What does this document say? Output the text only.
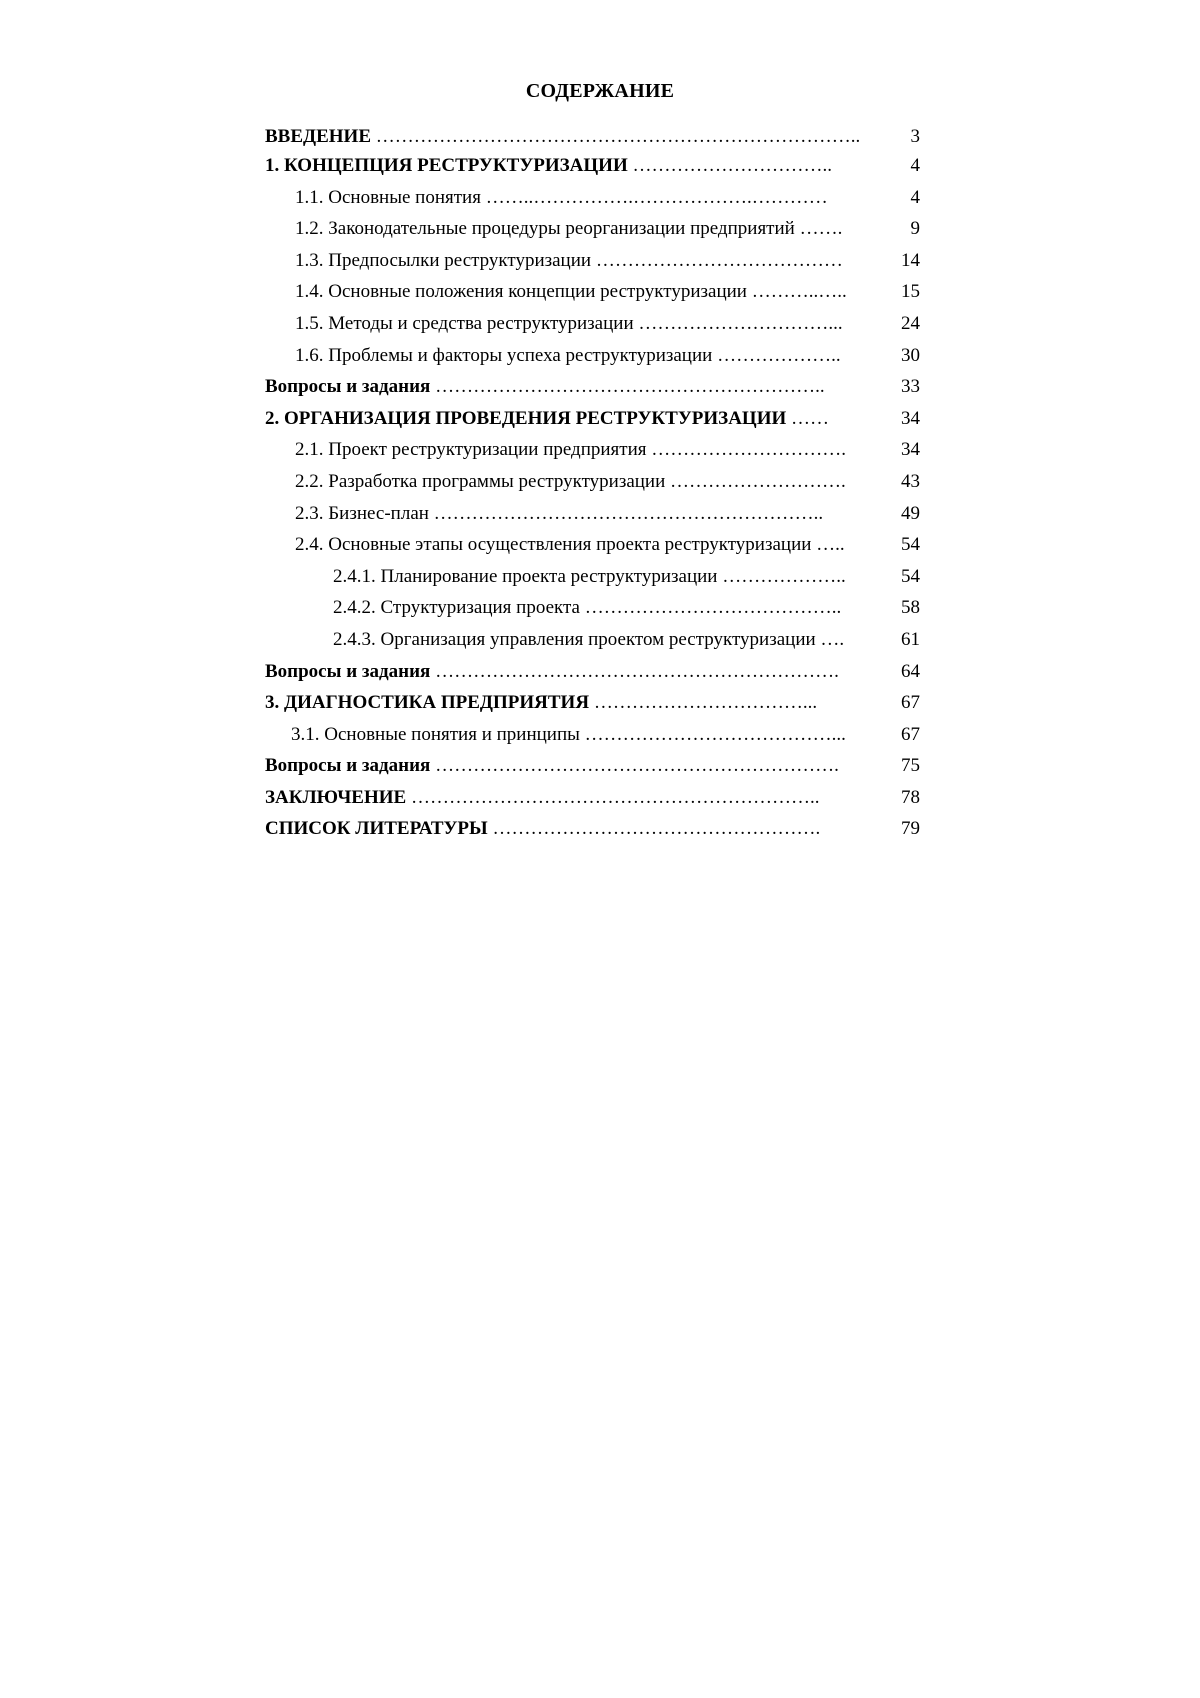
СОДЕРЖАНИЕ
ВВЕДЕНИЕ …………………………………………………………………..	3
1. КОНЦЕПЦИЯ РЕСТРУКТУРИЗАЦИИ …………………………..	4
1.1. Основные понятия ……..…………….……………….…………	4
1.2. Законодательные процедуры реорганизации предприятий …….	9
1.3. Предпосылки реструктуризации …………………………………	14
1.4. Основные положения концепции реструктуризации ………..…..	15
1.5. Методы и средства реструктуризации …………………………...	24
1.6. Проблемы и факторы успеха реструктуризации ………………..	30
Вопросы и задания ……………………………………………………..	33
2. ОРГАНИЗАЦИЯ ПРОВЕДЕНИЯ РЕСТРУКТУРИЗАЦИИ ……	34
2.1. Проект реструктуризации предприятия ………………………….	34
2.2. Разработка программы реструктуризации ……………………….	43
2.3. Бизнес-план ……………………………………………………..	49
2.4. Основные этапы осуществления проекта реструктуризации …..	54
2.4.1. Планирование проекта реструктуризации ………………..	54
2.4.2. Структуризация проекта …………………………………..	58
2.4.3. Организация управления проектом реструктуризации ….	61
Вопросы и задания ……………………………………………………….	64
3. ДИАГНОСТИКА ПРЕДПРИЯТИЯ ……………………………...	67
3.1. Основные понятия и принципы …………………………………...	67
Вопросы и задания ……………………………………………………….	75
ЗАКЛЮЧЕНИЕ ………………………………………………………..	78
СПИСОК ЛИТЕРАТУРЫ …………………………………………….	79
